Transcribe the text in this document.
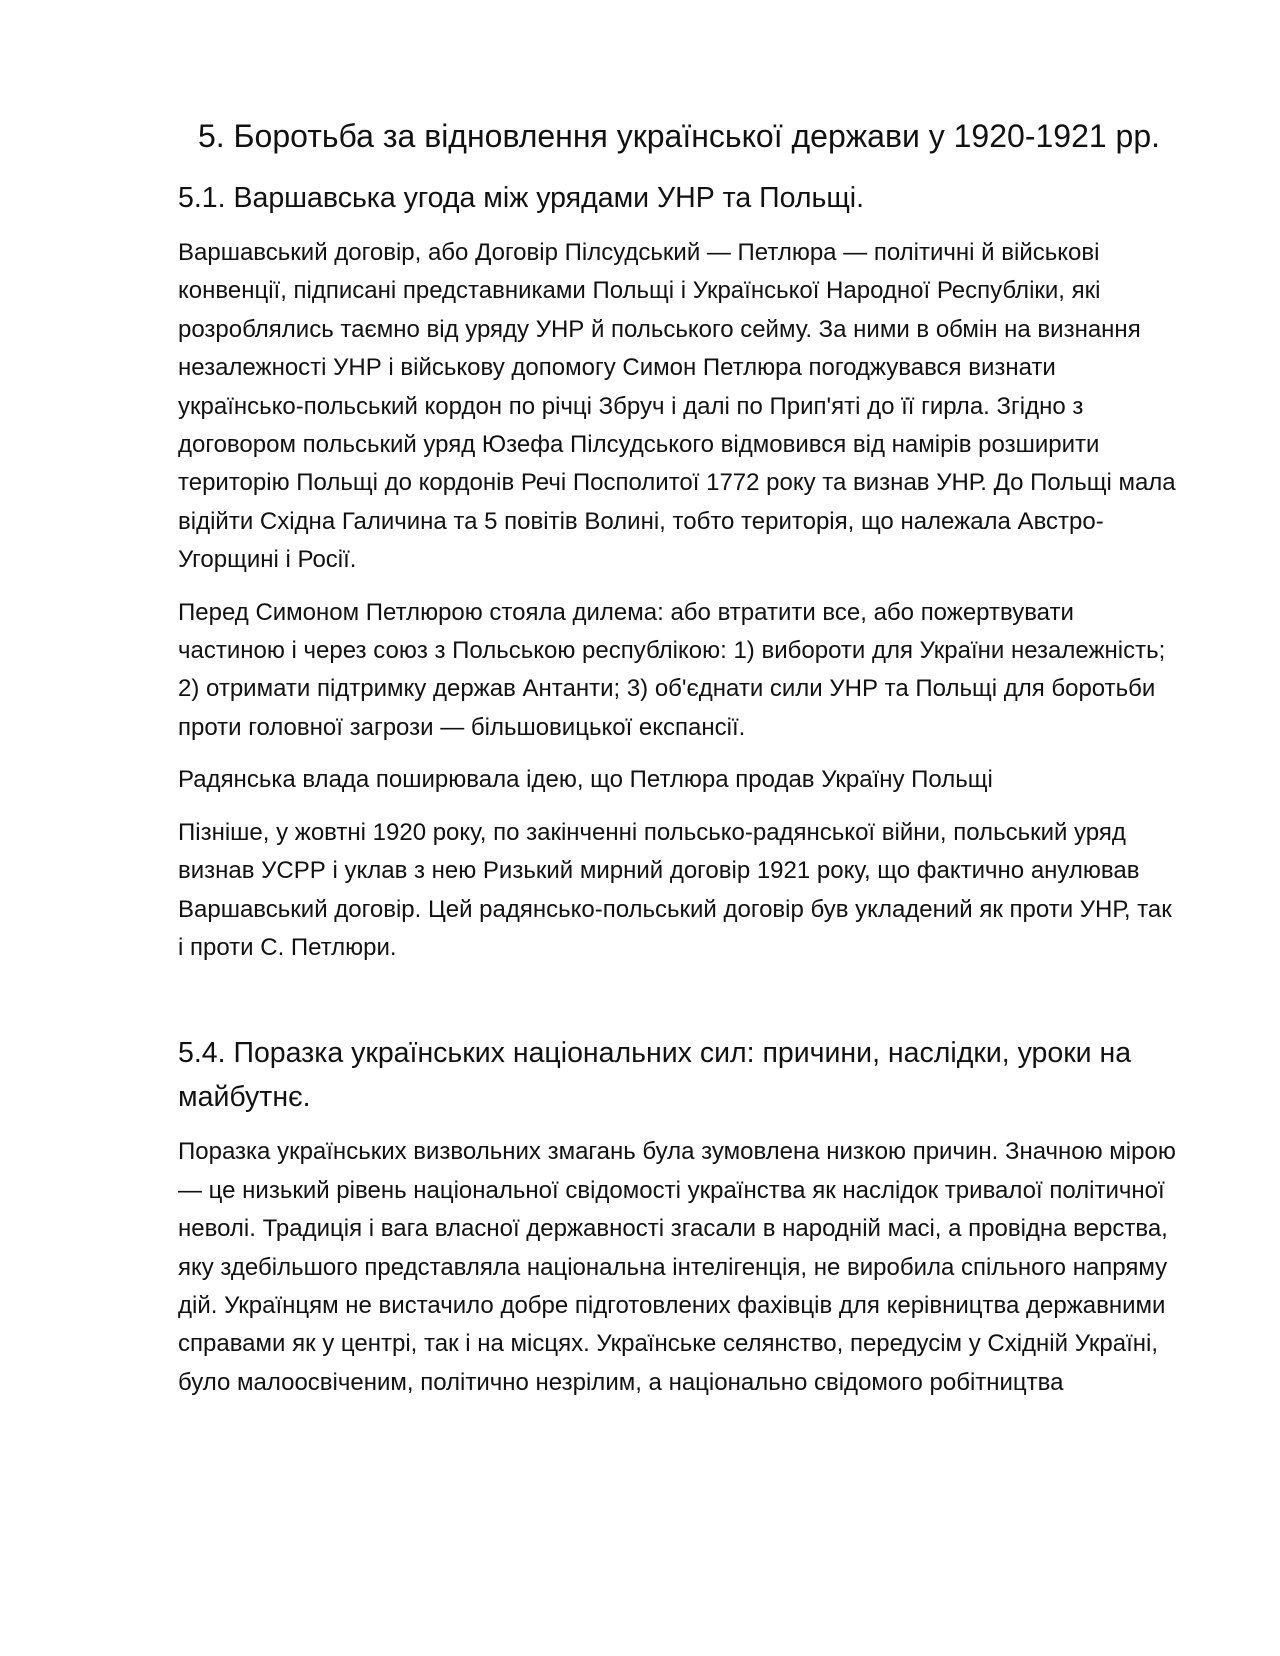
5. Боротьба за відновлення української держави у 1920-1921 рр.
5.1. Варшавська угода між урядами УНР та Польщі.

Варшавський договір, або Договір Пілсудський — Петлюра — політичні й військові конвенції, підписані представниками Польщі і Української Народної Республіки, які розроблялись таємно від уряду УНР й польського сейму. За ними в обмін на визнання незалежності УНР і військову допомогу Симон Петлюра погоджувався визнати українсько-польський кордон по річці Збруч і далі по Прип'яті до її гирла. Згідно з договором польський уряд Юзефа Пілсудського відмовився від намірів розширити територію Польщі до кордонів Речі Посполитої 1772 року та визнав УНР. До Польщі мала відійти Східна Галичина та 5 повітів Волині, тобто територія, що належала Австро-Угорщині і Росії.

Перед Симоном Петлюрою стояла дилема: або втратити все, або пожертвувати частиною і через союз з Польською республікою: 1) вибороти для України незалежність; 2) отримати підтримку держав Антанти; 3) об'єднати сили УНР та Польщі для боротьби проти головної загрози — більшовицької експансії.

Радянська влада поширювала ідею, що Петлюра продав Україну Польщі

Пізніше, у жовтні 1920 року, по закінченні польсько-радянської війни, польський уряд визнав УСРР і уклав з нею Ризький мирний договір 1921 року, що фактично анулював Варшавський договір. Цей радянсько-польський договір був укладений як проти УНР, так і проти С. Петлюри.

5.4. Поразка українських національних сил: причини, наслідки, уроки на майбутнє.

Поразка українських визвольних змагань була зумовлена низкою причин. Значною мірою — це низький рівень національної свідомості українства як наслідок тривалої політичної неволі. Традиція і вага власної державності згасали в народній масі, а провідна верства, яку здебільшого представляла національна інтелігенція, не виробила спільного напряму дій. Українцям не вистачило добре підготовлених фахівців для керівництва державними справами як у центрі, так і на місцях. Українське селянство, передусім у Східній Україні, було малоосвіченим, політично незрілим, а національно свідомого робітництва
